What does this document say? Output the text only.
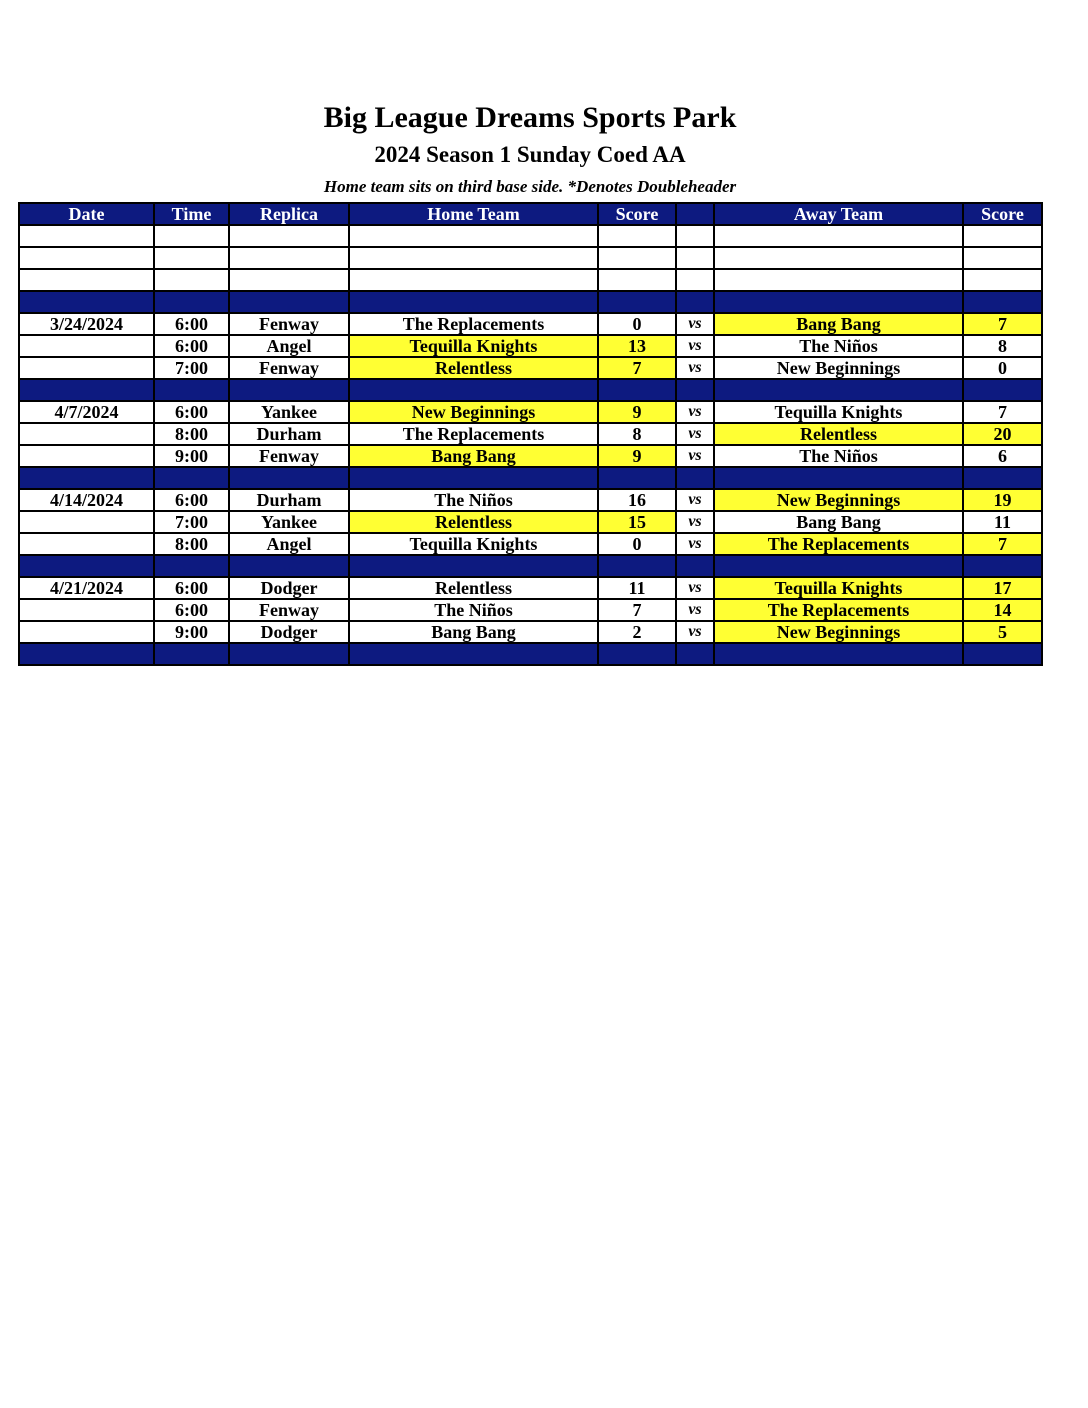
Big League Dreams Sports Park
2024 Season 1 Sunday Coed AA
Home team sits on third base side. *Denotes Doubleheader
Date	Time	Replica	Home Team	Score		Away Team	Score

3/24/2024	6:00	Fenway	The Replacements	0	vs	Bang Bang	7
	6:00	Angel	Tequilla Knights	13	vs	The Niños	8
	7:00	Fenway	Relentless	7	vs	New Beginnings	0

4/7/2024	6:00	Yankee	New Beginnings	9	vs	Tequilla Knights	7
	8:00	Durham	The Replacements	8	vs	Relentless	20
	9:00	Fenway	Bang Bang	9	vs	The Niños	6

4/14/2024	6:00	Durham	The Niños	16	vs	New Beginnings	19
	7:00	Yankee	Relentless	15	vs	Bang Bang	11
	8:00	Angel	Tequilla Knights	0	vs	The Replacements	7

4/21/2024	6:00	Dodger	Relentless	11	vs	Tequilla Knights	17
	6:00	Fenway	The Niños	7	vs	The Replacements	14
	9:00	Dodger	Bang Bang	2	vs	New Beginnings	5
